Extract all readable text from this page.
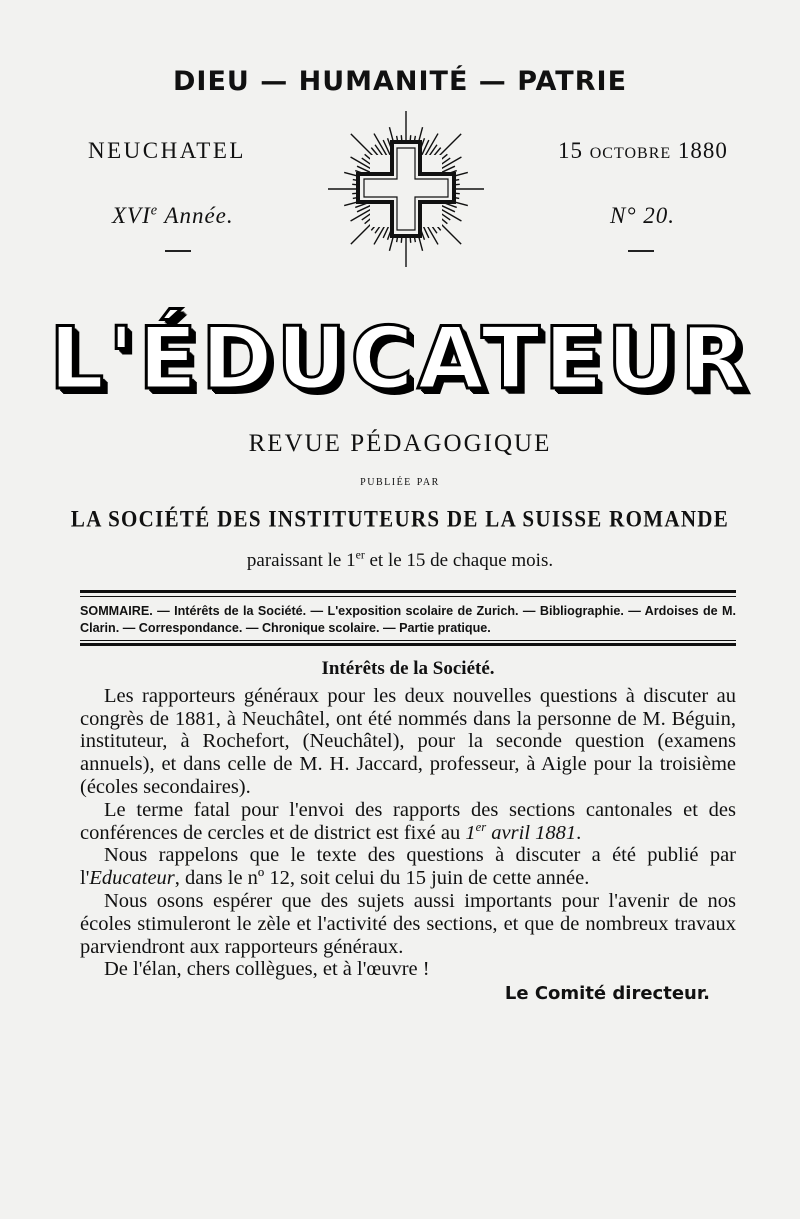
DIEU — HUMANITÉ — PATRIE
NEUCHATEL	15 octobre 1880
XVIe Année.	N° 20.
L'ÉDUCATEUR
REVUE PÉDAGOGIQUE
publiée par
LA SOCIÉTÉ DES INSTITUTEURS DE LA SUISSE ROMANDE
paraissant le 1er et le 15 de chaque mois.
SOMMAIRE. — Intérêts de la Société. — L'exposition scolaire de Zurich. — Bibliographie. — Ardoises de M. Clarin. — Correspondance. — Chronique scolaire. — Partie pratique.
Intérêts de la Société.

Les rapporteurs généraux pour les deux nouvelles questions à discuter au congrès de 1881, à Neuchâtel, ont été nommés dans la personne de M. Béguin, instituteur, à Rochefort, (Neuchâtel), pour la seconde question (examens annuels), et dans celle de M. H. Jaccard, professeur, à Aigle pour la troisième (écoles secondaires).

Le terme fatal pour l'envoi des rapports des sections cantonales et des conférences de cercles et de district est fixé au 1er avril 1881.

Nous rappelons que le texte des questions à discuter a été publié par l'Educateur, dans le nº 12, soit celui du 15 juin de cette année.

Nous osons espérer que des sujets aussi importants pour l'avenir de nos écoles stimuleront le zèle et l'activité des sections, et que de nombreux travaux parviendront aux rapporteurs généraux.

De l'élan, chers collègues, et à l'œuvre !

Le Comité directeur.
